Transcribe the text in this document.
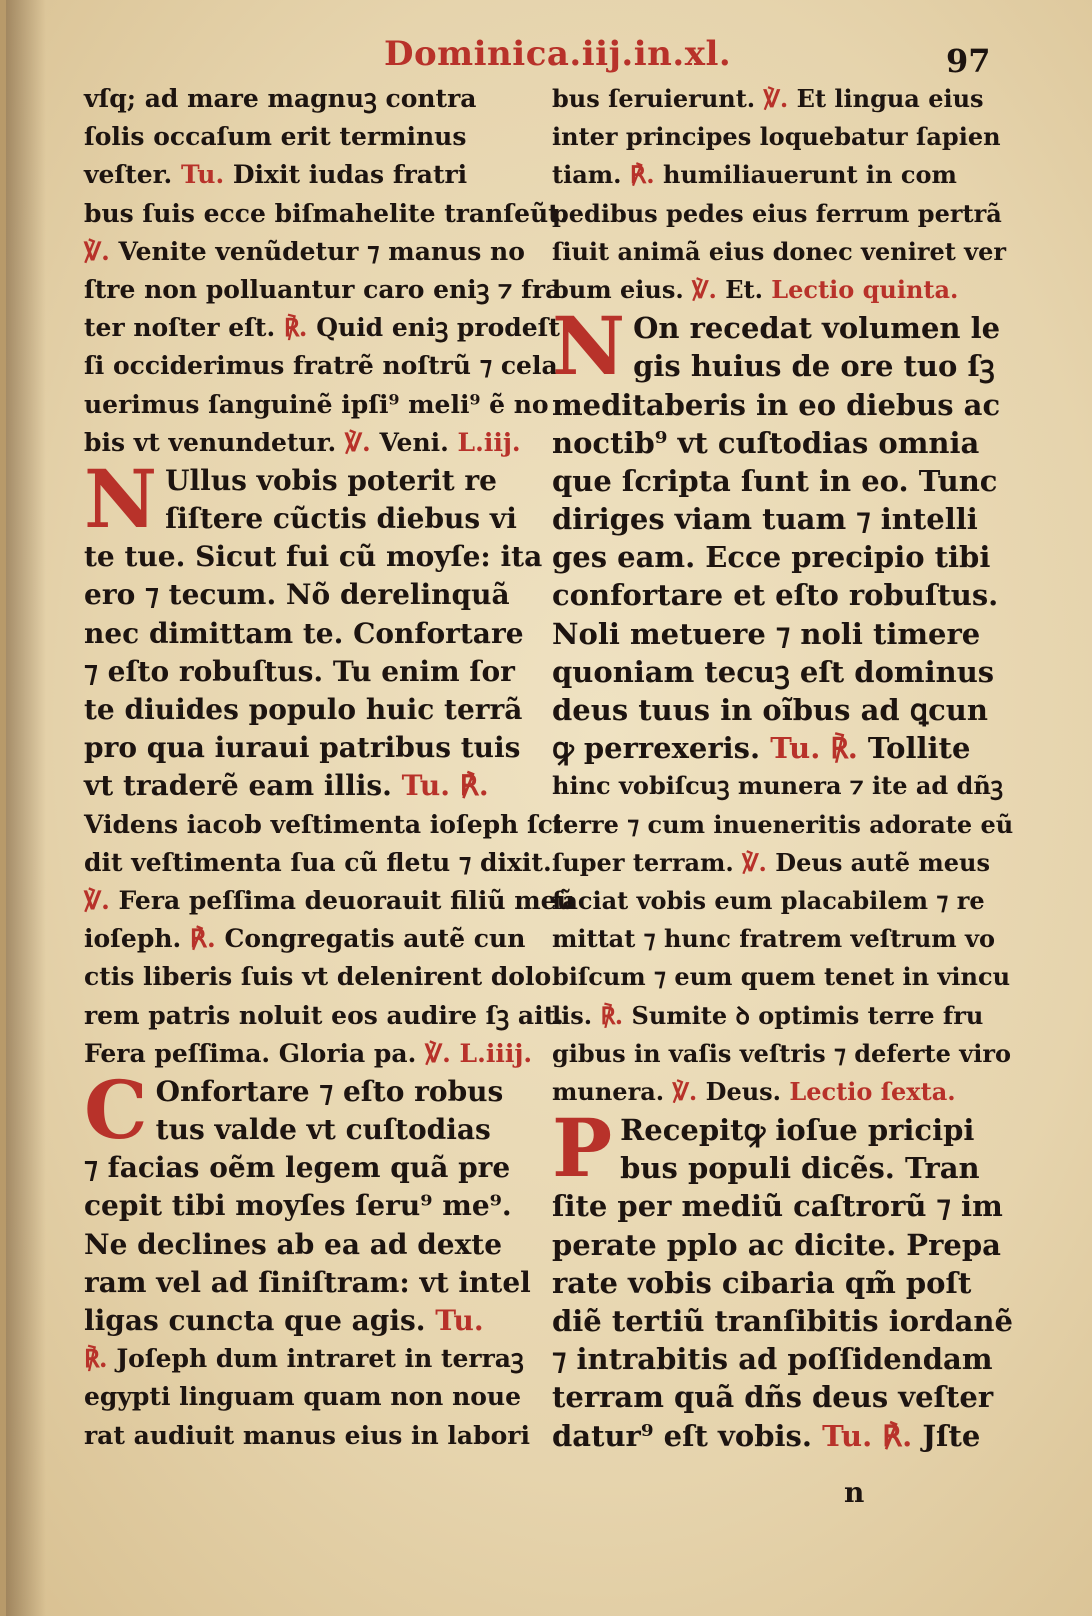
Dominica.iij.in.xl.	97
vſq; ad mare magnuꝫ contra
ſolis occaſum erit terminus
veſter. Tu. Dixit iudas fratri
bus ſuis ecce biſmahelite tranſeũt.
℣. Venite venũdetur ⁊ manus no
ſtre non polluantur caro eniꝫ ⁊ fra
ter noſter eſt. ℟. Quid eniꝫ prodeſt
ſi occiderimus fratrẽ noſtrũ ⁊ cela
uerimus ſanguinẽ ipſi⁹ meli⁹ ẽ no
bis vt venundetur. ℣. Veni. L.iij.
N Ullus vobis poterit re
ſiſtere cũctis diebus vi
te tue. Sicut fui cũ moyſe: ita
ero ⁊ tecum. Nõ derelinquã
nec dimittam te. Confortare
⁊ eſto robuſtus. Tu enim ſor
te diuides populo huic terrã
pro qua iuraui patribus tuis
vt traderẽ eam illis. Tu. ℟.
Videns iacob veſtimenta ioſeph ſci
dit veſtimenta ſua cũ fletu ⁊ dixit.
℣. Fera peſſima deuorauit filiũ meũ
ioſeph. ℟. Congregatis autẽ cun
ctis liberis ſuis vt delenirent dolo
rem patris noluit eos audire ſꝫ ait.
Fera peſſima. Gloria pa. ℣. L.iiij.
C Onfortare ⁊ eſto robus
tus valde vt cuſtodias
⁊ facias oẽm legem quã pre
cepit tibi moyſes ſeru⁹ me⁹.
Ne declines ab ea ad dexte
ram vel ad ſiniſtram: vt intel
ligas cuncta que agis. Tu.
℟. Joſeph dum intraret in terraꝫ
egypti linguam quam non noue
rat audiuit manus eius in labori
bus ſeruierunt. ℣. Et lingua eius
inter principes loquebatur ſapien
tiam. ℟. humiliauerunt in com
pedibus pedes eius ferrum pertrã
ſiuit animã eius donec veniret ver
bum eius. ℣. Et. Lectio quinta.
N On recedat volumen le
gis huius de ore tuo ſꝫ
meditaberis in eo diebus ac
noctib⁹ vt cuſtodias omnia
que ſcripta ſunt in eo. Tunc
diriges viam tuam ⁊ intelli
ges eam. Ecce precipio tibi
confortare et eſto robuſtus.
Noli metuere ⁊ noli timere
quoniam tecuꝫ eſt dominus
deus tuus in oĩbus ad ꝗcun
ꝙ perrexeris. Tu. ℟. Tollite
hinc vobiſcuꝫ munera ⁊ ite ad dñꝫ
terre ⁊ cum inueneritis adorate eũ
ſuper terram. ℣. Deus autẽ meus
faciat vobis eum placabilem ⁊ re
mittat ⁊ hunc fratrem veſtrum vo
biſcum ⁊ eum quem tenet in vincu
lis. ℟. Sumite ꝺ optimis terre fru
gibus in vaſis veſtris ⁊ deferte viro
munera. ℣. Deus. Lectio ſexta.
P Recepitꝙ ioſue pricipi
bus populi dicẽs. Tran
ſite per mediũ caſtrorũ ⁊ im
perate pplo ac dicite. Prepa
rate vobis cibaria qm̃ poſt
diẽ tertiũ tranſibitis iordanẽ
⁊ intrabitis ad poſſidendam
terram quã dñs deus veſter
datur⁹ eſt vobis. Tu. ℟. Jſte
n
